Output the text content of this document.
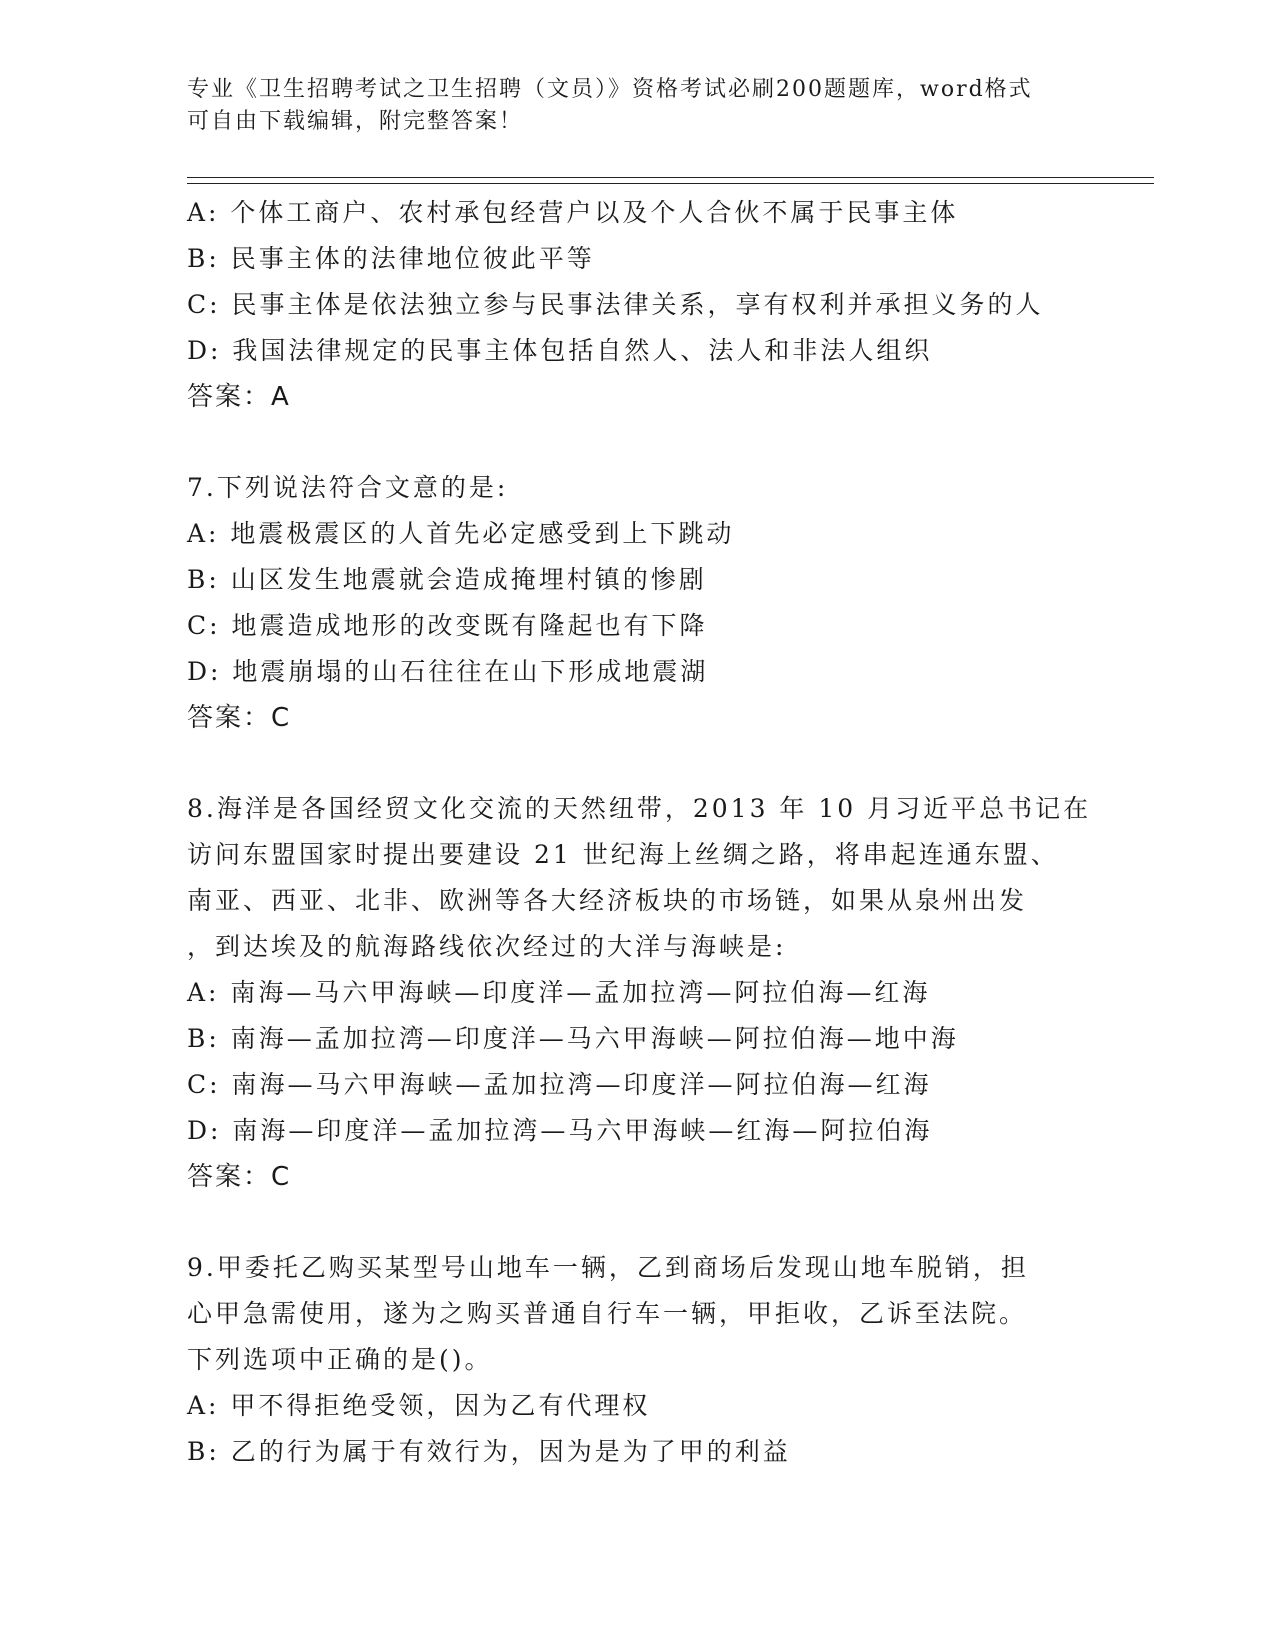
专业《卫生招聘考试之卫生招聘（文员）》资格考试必刷200题题库，word格式
可自由下载编辑，附完整答案！
A: 个体工商户、农村承包经营户以及个人合伙不属于民事主体
B: 民事主体的法律地位彼此平等
C: 民事主体是依法独立参与民事法律关系，享有权利并承担义务的人
D: 我国法律规定的民事主体包括自然人、法人和非法人组织
答案：A
7.下列说法符合文意的是:
A: 地震极震区的人首先必定感受到上下跳动
B: 山区发生地震就会造成掩埋村镇的惨剧
C: 地震造成地形的改变既有隆起也有下降
D: 地震崩塌的山石往往在山下形成地震湖
答案：C
8.海洋是各国经贸文化交流的天然纽带，2013 年 10 月习近平总书记在
访问东盟国家时提出要建设 21 世纪海上丝绸之路，将串起连通东盟、
南亚、西亚、北非、欧洲等各大经济板块的市场链，如果从泉州出发
，到达埃及的航海路线依次经过的大洋与海峡是:
A: 南海—马六甲海峡—印度洋—孟加拉湾—阿拉伯海—红海
B: 南海—孟加拉湾—印度洋—马六甲海峡—阿拉伯海—地中海
C: 南海—马六甲海峡—孟加拉湾—印度洋—阿拉伯海—红海
D: 南海—印度洋—孟加拉湾—马六甲海峡—红海—阿拉伯海
答案：C
9.甲委托乙购买某型号山地车一辆，乙到商场后发现山地车脱销，担
心甲急需使用，遂为之购买普通自行车一辆，甲拒收，乙诉至法院。
下列选项中正确的是()。
A: 甲不得拒绝受领，因为乙有代理权
B: 乙的行为属于有效行为，因为是为了甲的利益
